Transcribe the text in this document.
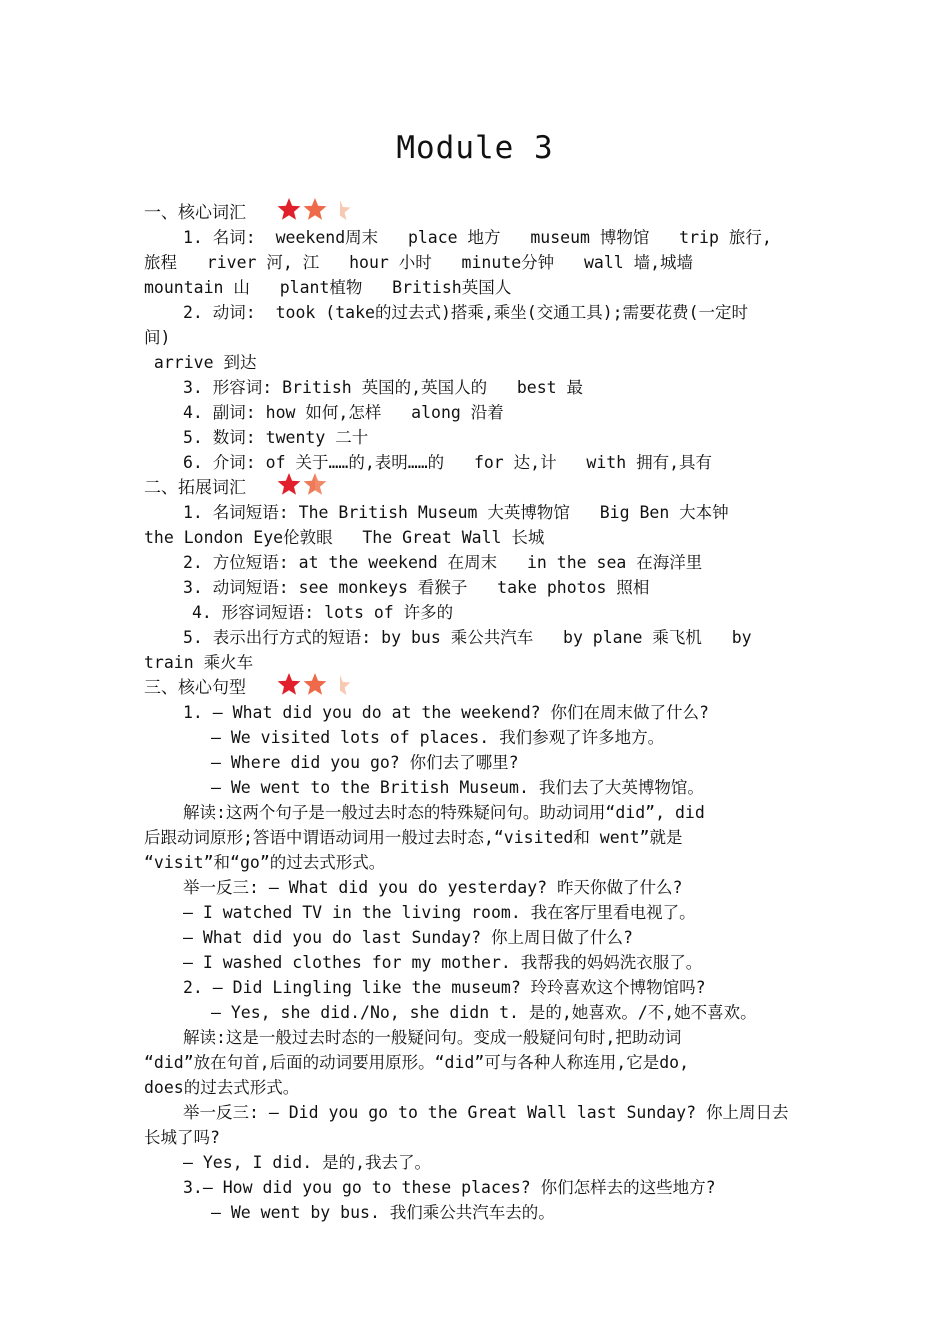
Module 3
一、核心词汇
1. 名词:  weekend周末   place 地方   museum 博物馆   trip 旅行,
旅程   river 河, 江   hour 小时   minute分钟   wall 墙,城墙
mountain 山   plant植物   British英国人
2. 动词:  took (take的过去式)搭乘,乘坐(交通工具);需要花费(一定时
间)
arrive 到达
3. 形容词: British 英国的,英国人的   best 最
4. 副词: how 如何,怎样   along 沿着
5. 数词: twenty 二十
6. 介词: of 关于……的,表明……的   for 达,计   with 拥有,具有
二、拓展词汇
1. 名词短语: The British Museum 大英博物馆   Big Ben 大本钟
the London Eye伦敦眼   The Great Wall 长城
2. 方位短语: at the weekend 在周末   in the sea 在海洋里
3. 动词短语: see monkeys 看猴子   take photos 照相
4. 形容词短语: lots of 许多的
5. 表示出行方式的短语: by bus 乘公共汽车   by plane 乘飞机   by
train 乘火车
三、核心句型
1. — What did you do at the weekend? 你们在周末做了什么?
— We visited lots of places. 我们参观了许多地方。
— Where did you go? 你们去了哪里?
— We went to the British Museum. 我们去了大英博物馆。
解读:这两个句子是一般过去时态的特殊疑问句。助动词用“did”, did
后跟动词原形;答语中谓语动词用一般过去时态,“visited和 went”就是
“visit”和“go”的过去式形式。
举一反三: — What did you do yesterday? 昨天你做了什么?
— I watched TV in the living room. 我在客厅里看电视了。
— What did you do last Sunday? 你上周日做了什么?
— I washed clothes for my mother. 我帮我的妈妈洗衣服了。
2. — Did Lingling like the museum? 玲玲喜欢这个博物馆吗?
— Yes, she did./No, she didn t. 是的,她喜欢。/不,她不喜欢。
解读:这是一般过去时态的一般疑问句。变成一般疑问句时,把助动词
“did”放在句首,后面的动词要用原形。“did”可与各种人称连用,它是do,
does的过去式形式。
举一反三: — Did you go to the Great Wall last Sunday? 你上周日去
长城了吗?
— Yes, I did. 是的,我去了。
3.— How did you go to these places? 你们怎样去的这些地方?
— We went by bus. 我们乘公共汽车去的。
